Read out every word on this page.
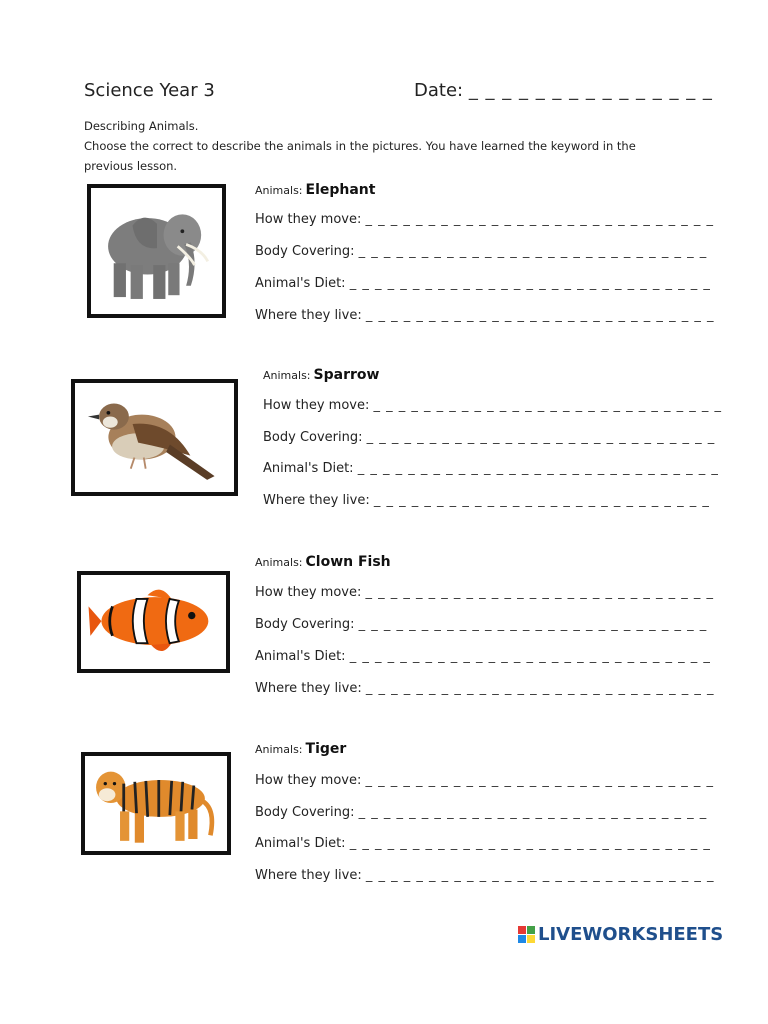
Science Year 3	Date: _ _ _ _ _ _ _ _ _ _ _ _ _ _ _
Describing Animals.
Choose the correct to describe the animals in the pictures. You have learned the keyword in the previous lesson.
Animals: Elephant
How they move: _ _ _ _ _ _ _ _ _ _ _ _ _ _ _ _ _ _ _ _ _ _ _ _ _ _ _ _
Body Covering: _ _ _ _ _ _ _ _ _ _ _ _ _ _ _ _ _ _ _ _ _ _ _ _ _ _ _ _
Animal's Diet: _ _ _ _ _ _ _ _ _ _ _ _ _ _ _ _ _ _ _ _ _ _ _ _ _ _ _ _ _
Where they live: _ _ _ _ _ _ _ _ _ _ _ _ _ _ _ _ _ _ _ _ _ _ _ _ _ _ _ _
Animals: Sparrow
How they move: _ _ _ _ _ _ _ _ _ _ _ _ _ _ _ _ _ _ _ _ _ _ _ _ _ _ _ _
Body Covering: _ _ _ _ _ _ _ _ _ _ _ _ _ _ _ _ _ _ _ _ _ _ _ _ _ _ _ _
Animal's Diet: _ _ _ _ _ _ _ _ _ _ _ _ _ _ _ _ _ _ _ _ _ _ _ _ _ _ _ _ _
Where they live: _ _ _ _ _ _ _ _ _ _ _ _ _ _ _ _ _ _ _ _ _ _ _ _ _ _ _
Animals: Clown Fish
How they move: _ _ _ _ _ _ _ _ _ _ _ _ _ _ _ _ _ _ _ _ _ _ _ _ _ _ _ _
Body Covering: _ _ _ _ _ _ _ _ _ _ _ _ _ _ _ _ _ _ _ _ _ _ _ _ _ _ _ _
Animal's Diet: _ _ _ _ _ _ _ _ _ _ _ _ _ _ _ _ _ _ _ _ _ _ _ _ _ _ _ _ _
Where they live: _ _ _ _ _ _ _ _ _ _ _ _ _ _ _ _ _ _ _ _ _ _ _ _ _ _ _ _
Animals: Tiger
How they move: _ _ _ _ _ _ _ _ _ _ _ _ _ _ _ _ _ _ _ _ _ _ _ _ _ _ _ _
Body Covering: _ _ _ _ _ _ _ _ _ _ _ _ _ _ _ _ _ _ _ _ _ _ _ _ _ _ _ _
Animal's Diet: _ _ _ _ _ _ _ _ _ _ _ _ _ _ _ _ _ _ _ _ _ _ _ _ _ _ _ _ _
Where they live: _ _ _ _ _ _ _ _ _ _ _ _ _ _ _ _ _ _ _ _ _ _ _ _ _ _ _ _
LIVEWORKSHEETS
